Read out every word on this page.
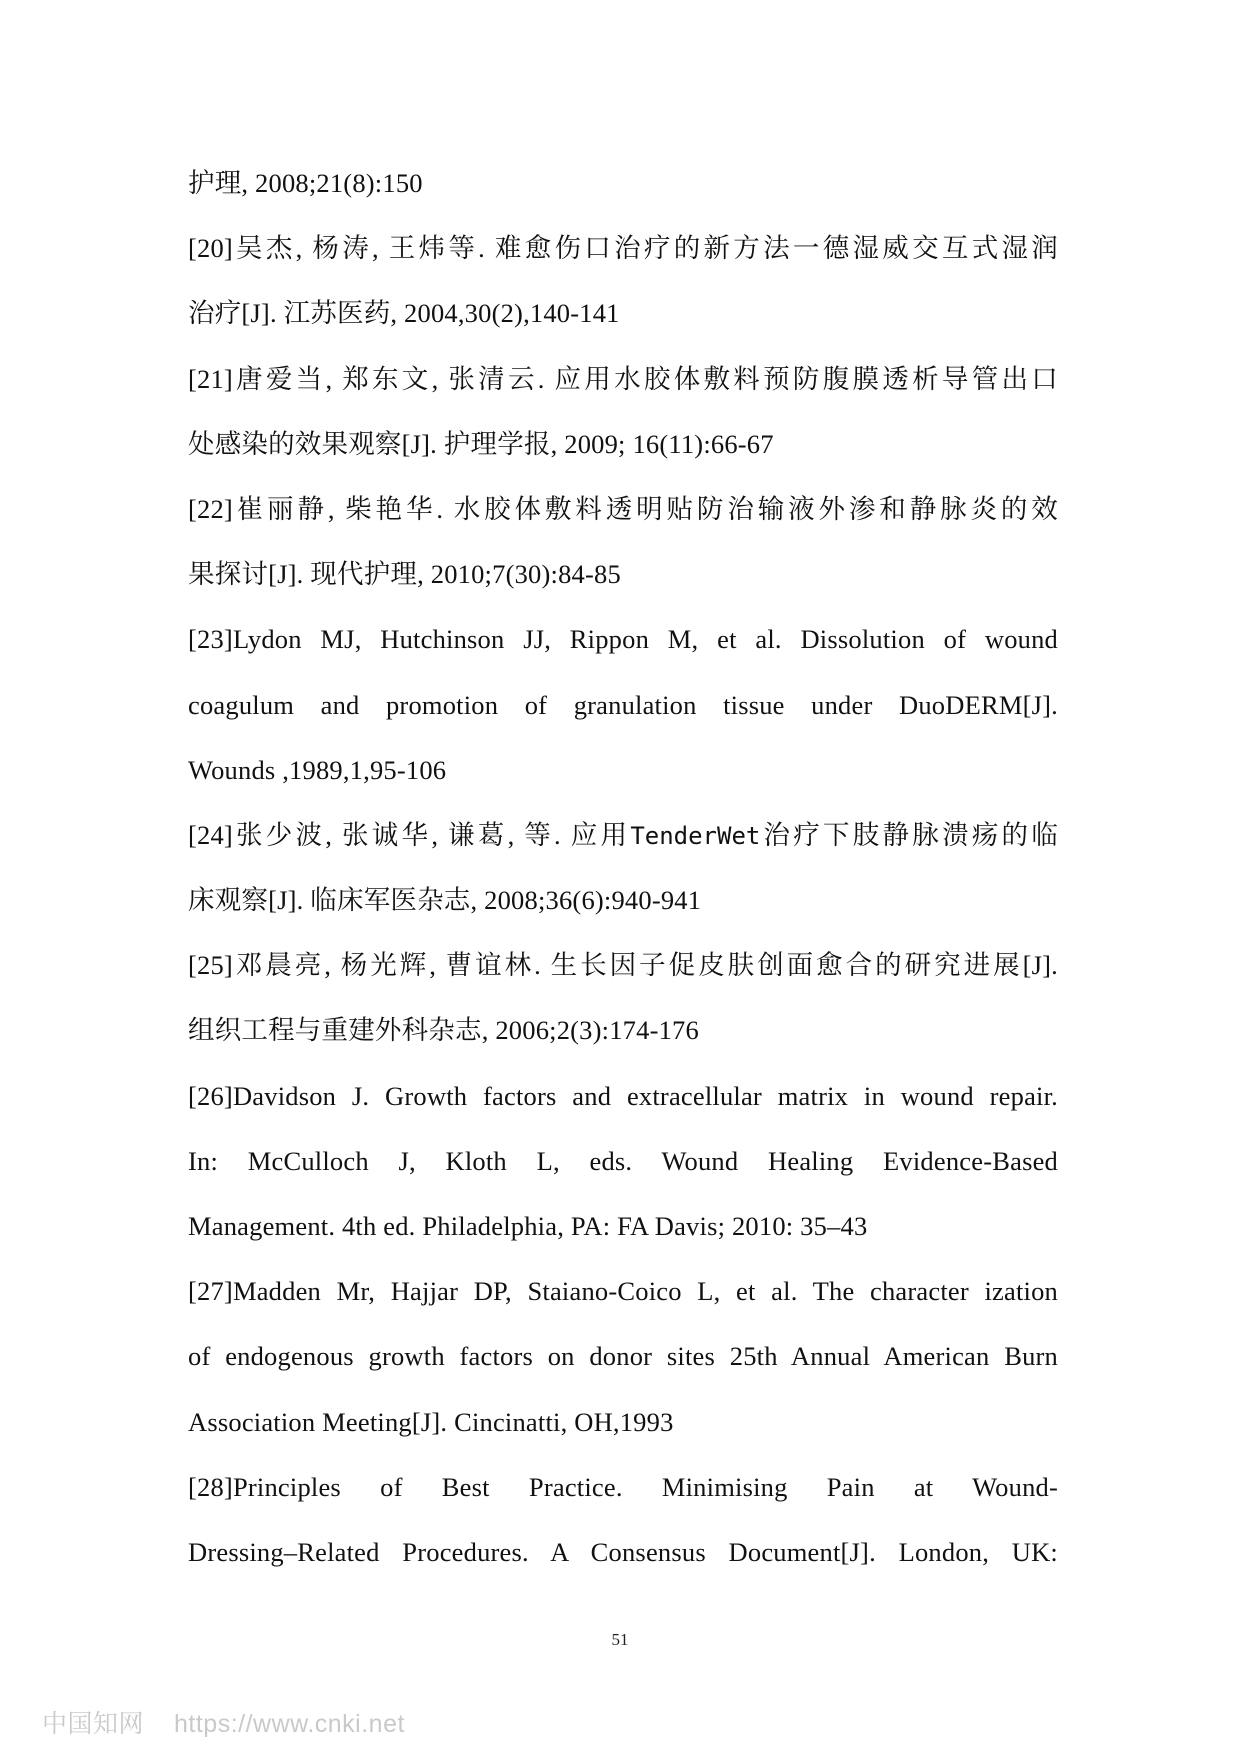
护理, 2008;21(8):150
[20]吴杰, 杨涛, 王炜等. 难愈伤口治疗的新方法一德湿威交互式湿润
治疗[J]. 江苏医药, 2004,30(2),140-141
[21]唐爱当, 郑东文, 张清云. 应用水胶体敷料预防腹膜透析导管出口
处感染的效果观察[J]. 护理学报, 2009; 16(11):66-67
[22]崔丽静, 柴艳华. 水胶体敷料透明贴防治输液外渗和静脉炎的效
果探讨[J]. 现代护理, 2010;7(30):84-85
[23]Lydon MJ, Hutchinson JJ, Rippon M, et al. Dissolution of wound
coagulum and promotion of granulation tissue under DuoDERM[J].
Wounds ,1989,1,95-106
[24]张少波, 张诚华, 谦葛, 等. 应用TenderWet治疗下肢静脉溃疡的临
床观察[J]. 临床军医杂志, 2008;36(6):940-941
[25]邓晨亮, 杨光辉, 曹谊林. 生长因子促皮肤创面愈合的研究进展[J].
组织工程与重建外科杂志, 2006;2(3):174-176
[26]Davidson J. Growth factors and extracellular matrix in wound repair.
In: McCulloch J, Kloth L, eds. Wound Healing Evidence-Based
Management. 4th ed. Philadelphia, PA: FA Davis; 2010: 35–43
[27]Madden Mr, Hajjar DP, Staiano-Coico L, et al. The character ization
of endogenous growth factors on donor sites 25th Annual American Burn
Association Meeting[J]. Cincinatti, OH,1993
[28]Principles of Best Practice. Minimising Pain at Wound-
Dressing–Related Procedures. A Consensus Document[J]. London, UK:
51
中国知网 https://www.cnki.net
